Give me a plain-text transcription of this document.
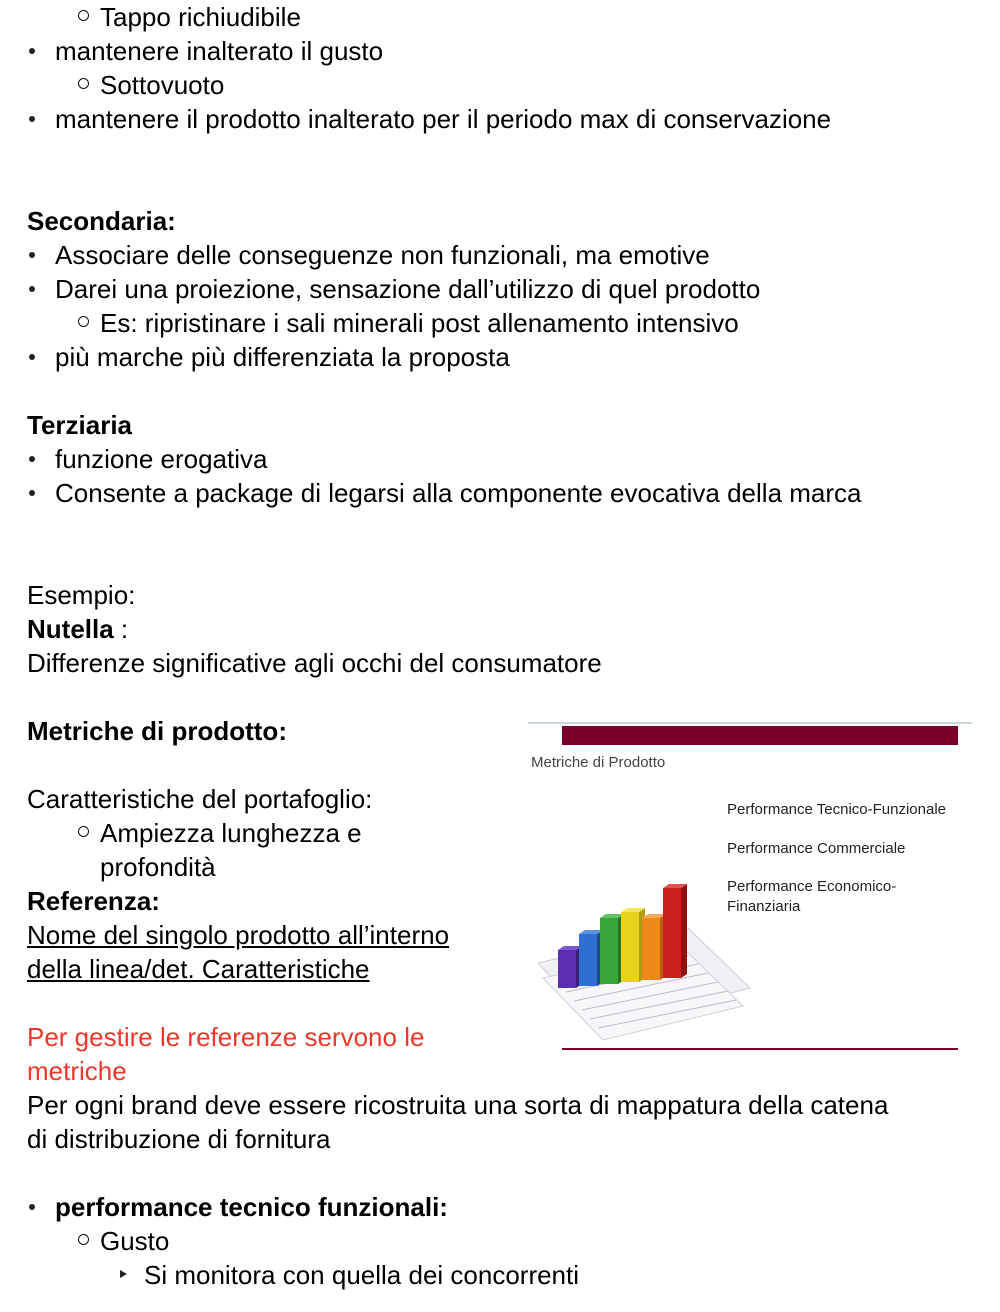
Tappo richiudibile
mantenere inalterato il gusto
Sottovuoto
mantenere il prodotto inalterato per il periodo max di conservazione
Secondaria:
Associare delle conseguenze non funzionali, ma emotive
Darei una proiezione, sensazione dall’utilizzo di quel prodotto
Es: ripristinare i sali minerali post allenamento intensivo
più marche più differenziata la proposta
Terziaria
funzione erogativa
Consente a package di legarsi alla componente evocativa della marca
Esempio:
Nutella :
Differenze significative agli occhi del consumatore
Metriche di prodotto:
Caratteristiche del portafoglio:
Ampiezza lunghezza e
profondità
Referenza:
Nome del singolo prodotto all’interno
della linea/det. Caratteristiche
Per gestire le referenze servono le
metriche
Per ogni brand deve essere ricostruita una sorta di mappatura della catena
di distribuzione di fornitura
performance tecnico funzionali:
Gusto
Si monitora con quella dei concorrenti
Metriche di Prodotto
Performance Tecnico-Funzionale
Performance Commerciale
Performance Economico-
Finanziaria
